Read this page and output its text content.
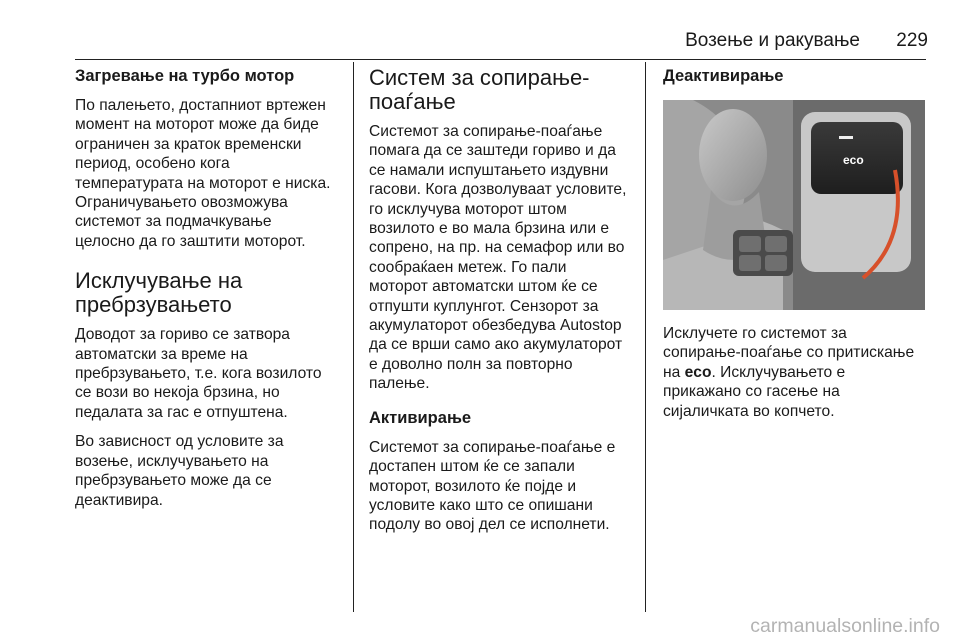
Возење и ракување	229
Загревање на турбо мотор

По палењето, достапниот вртежен
момент на моторот може да биде
ограничен за краток временски
период, особено кога
температурата на моторот е ниска.
Ограничувањето овозможува
системот за подмачкување
целосно да го заштити моторот.

Исклучување на
пребрзувањето

Доводот за гориво се затвора
автоматски за време на
пребрзувањето, т.е. кога возилото
се вози во некоја брзина, но
педалата за гас е отпуштена.

Во зависност од условите за
возење, исклучувањето на
пребрзувањето може да се
деактивира.

Систем за сопирање-
поаѓање

Системот за сопирање-поаѓање
помага да се заштеди гориво и да
се намали испуштањето издувни
гасови. Кога дозволуваат условите,
го исклучува моторот штом
возилото е во мала брзина или е
сопрено, на пр. на семафор или во
сообраќаен метеж. Го пали
моторот автоматски штом ќе се
отпушти куплунгот. Сензорот за
акумулаторот обезбедува Autostop
да се врши само ако акумулаторот
е доволно полн за повторно
палење.

Активирање

Системот за сопирање-поаѓање е
достапен штом ќе се запали
моторот, возилото ќе појде и
условите како што се опишани
подолу во овој дел се исполнети.

Деактивирање
eco

Исклучете го системот за
сопирање-поаѓање со притискање
на eco. Исклучувањето е
прикажано со гасење на
сијаличката во копчето.

carmanualsonline.info
